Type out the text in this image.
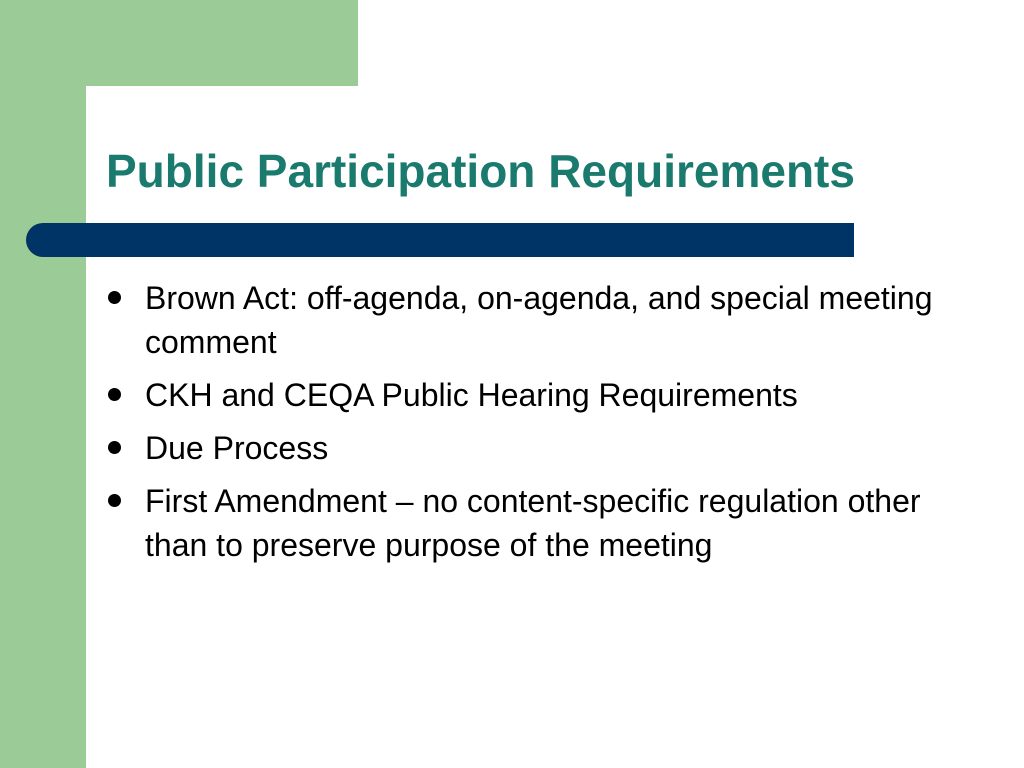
Public Participation Requirements
Brown Act: off-agenda, on-agenda, and special meeting comment
CKH and CEQA Public Hearing Requirements
Due Process
First Amendment – no content-specific regulation other than to preserve purpose of the meeting
